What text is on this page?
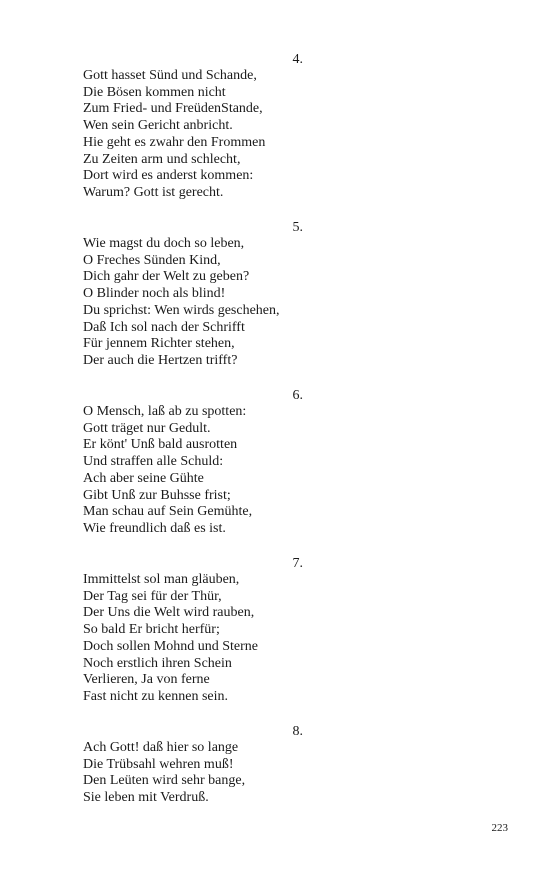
4.
Gott hasset Sünd und Schande,
Die Bösen kommen nicht
Zum Fried- und FreüdenStande,
Wen sein Gericht anbricht.
Hie geht es zwahr den Frommen
Zu Zeiten arm und schlecht,
Dort wird es anderst kommen:
Warum? Gott ist gerecht.
5.
Wie magst du doch so leben,
O Freches Sünden Kind,
Dich gahr der Welt zu geben?
O Blinder noch als blind!
Du sprichst: Wen wirds geschehen,
Daß Ich sol nach der Schrifft
Für jennem Richter stehen,
Der auch die Hertzen trifft?
6.
O Mensch, laß ab zu spotten:
Gott träget nur Gedult.
Er könt' Unß bald ausrotten
Und straffen alle Schuld:
Ach aber seine Gühte
Gibt Unß zur Buhsse frist;
Man schau auf Sein Gemühte,
Wie freundlich daß es ist.
7.
Immittelst sol man gläuben,
Der Tag sei für der Thür,
Der Uns die Welt wird rauben,
So bald Er bricht herfür;
Doch sollen Mohnd und Sterne
Noch erstlich ihren Schein
Verlieren, Ja von ferne
Fast nicht zu kennen sein.
8.
Ach Gott! daß hier so lange
Die Trübsahl wehren muß!
Den Leüten wird sehr bange,
Sie leben mit Verdruß.
223
